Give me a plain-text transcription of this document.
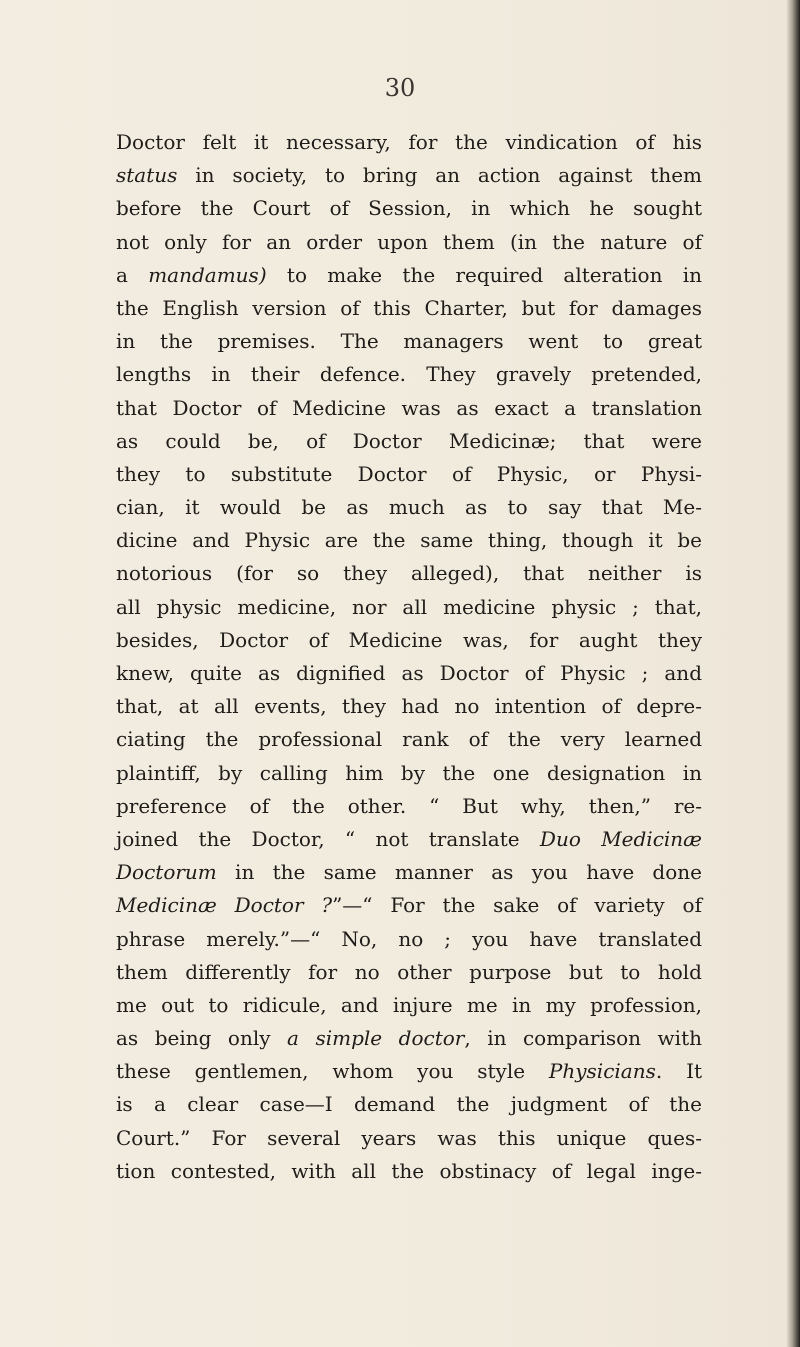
30
Doctor felt it necessary, for the vindication of his
status in society, to bring an action against them
before the Court of Session, in which he sought
not only for an order upon them (in the nature of
a mandamus) to make the required alteration in
the English version of this Charter, but for damages
in the premises. The managers went to great
lengths in their defence. They gravely pretended,
that Doctor of Medicine was as exact a translation
as could be, of Doctor Medicinæ; that were
they to substitute Doctor of Physic, or Physi-
cian, it would be as much as to say that Me-
dicine and Physic are the same thing, though it be
notorious (for so they alleged), that neither is
all physic medicine, nor all medicine physic ; that,
besides, Doctor of Medicine was, for aught they
knew, quite as dignified as Doctor of Physic ; and
that, at all events, they had no intention of depre-
ciating the professional rank of the very learned
plaintiff, by calling him by the one designation in
preference of the other. “ But why, then,” re-
joined the Doctor, “ not translate Duo Medicinæ
Doctorum in the same manner as you have done
Medicinæ Doctor ?”—“ For the sake of variety of
phrase merely.”—“ No, no ; you have translated
them differently for no other purpose but to hold
me out to ridicule, and injure me in my profession,
as being only a simple doctor, in comparison with
these gentlemen, whom you style Physicians. It
is a clear case—I demand the judgment of the
Court.” For several years was this unique ques-
tion contested, with all the obstinacy of legal inge-
